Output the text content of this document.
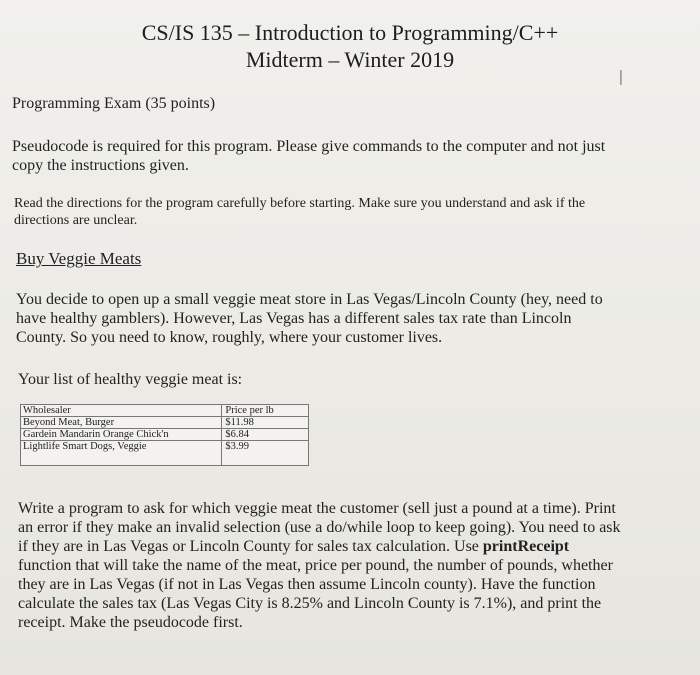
CS/IS 135 – Introduction to Programming/C++
Midterm – Winter 2019
I
Programming Exam (35 points)
Pseudocode is required for this program. Please give commands to the computer and not just
copy the instructions given.
Read the directions for the program carefully before starting. Make sure you understand and ask if the
directions are unclear.
Buy Veggie Meats
You decide to open up a small veggie meat store in Las Vegas/Lincoln County (hey, need to
have healthy gamblers). However, Las Vegas has a different sales tax rate than Lincoln
County. So you need to know, roughly, where your customer lives.
Your list of healthy veggie meat is:
Wholesaler	Price per lb
Beyond Meat, Burger	$11.98
Gardein Mandarin Orange Chick'n	$6.84
Lightlife Smart Dogs, Veggie	$3.99
Write a program to ask for which veggie meat the customer (sell just a pound at a time). Print
an error if they make an invalid selection (use a do/while loop to keep going). You need to ask
if they are in Las Vegas or Lincoln County for sales tax calculation. Use printReceipt
function that will take the name of the meat, price per pound, the number of pounds, whether
they are in Las Vegas (if not in Las Vegas then assume Lincoln county). Have the function
calculate the sales tax (Las Vegas City is 8.25% and Lincoln County is 7.1%), and print the
receipt. Make the pseudocode first.
